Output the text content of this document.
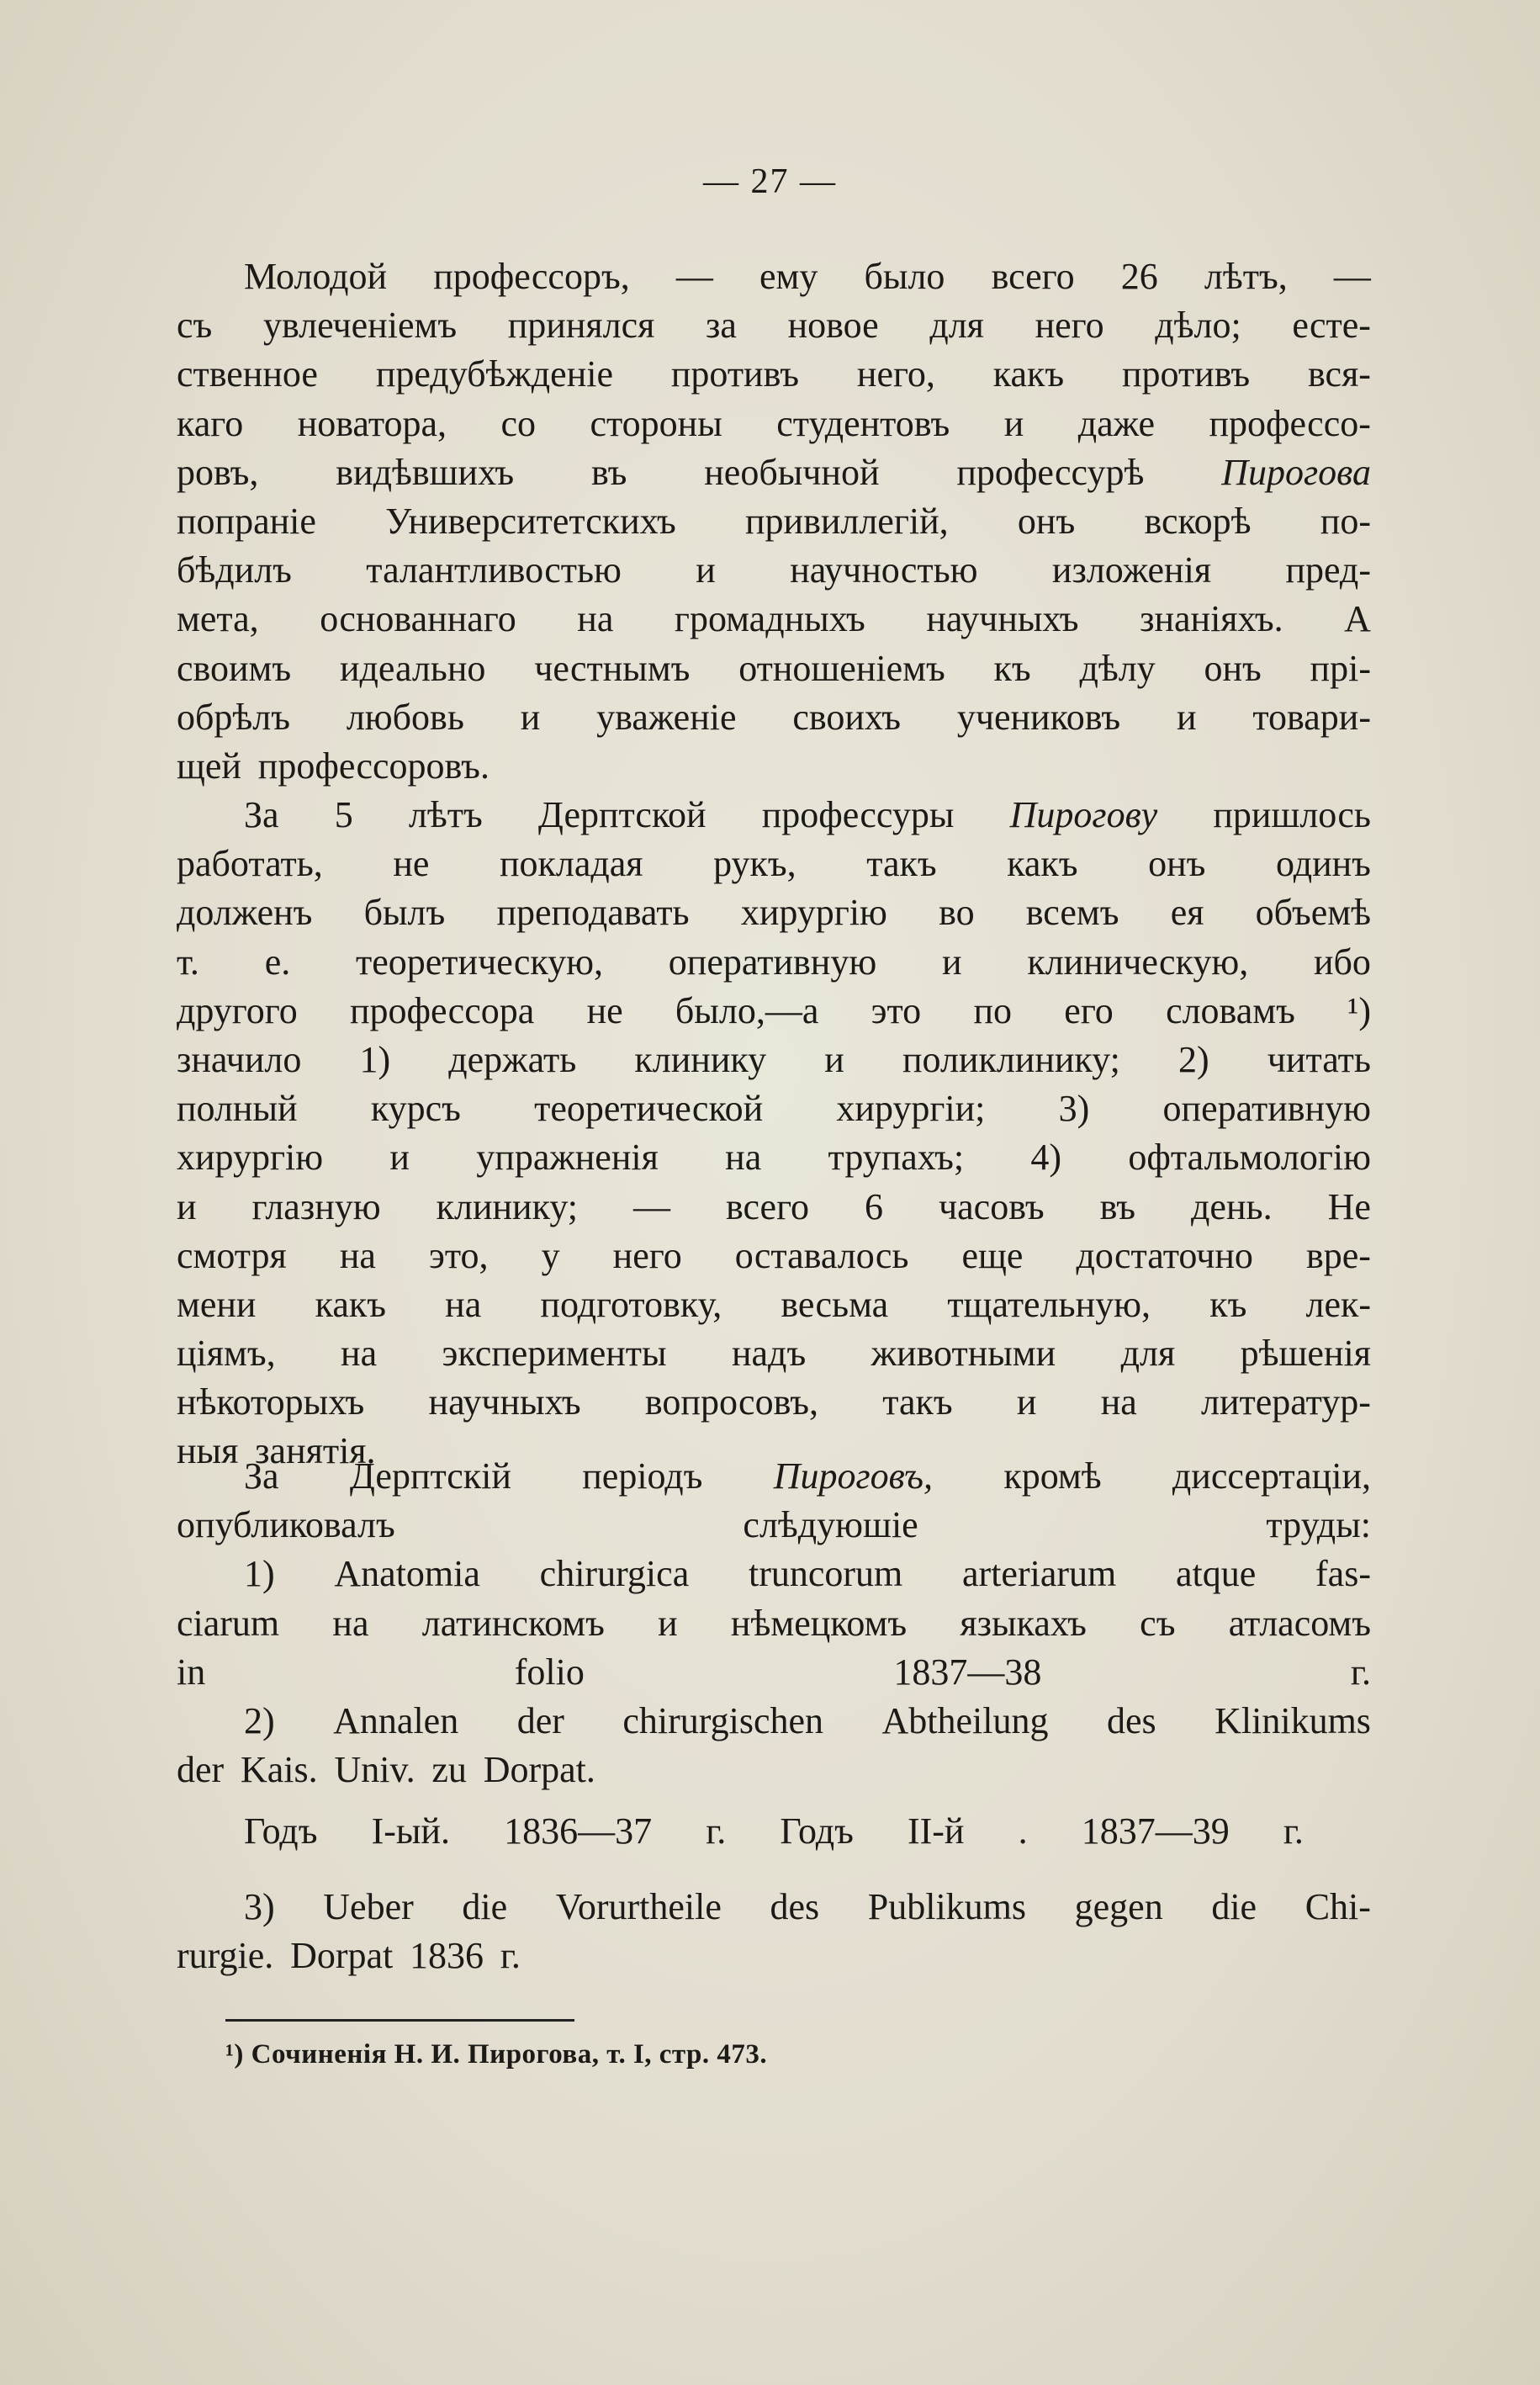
— 27 —
Молодой профессоръ, — ему было всего 26 лѣтъ, —
съ увлеченіемъ принялся за новое для него дѣло; есте-
ственное предубѣжденіе противъ него, какъ противъ вся-
каго новатора, со стороны студентовъ и даже профессо-
ровъ, видѣвшихъ въ необычной профессурѣ Пирогова
попраніе Университетскихъ привиллегій, онъ вскорѣ по-
бѣдилъ талантливостью и научностью изложенія пред-
мета, основаннаго на громадныхъ научныхъ знаніяхъ. А
своимъ идеально честнымъ отношеніемъ къ дѣлу онъ прі-
обрѣлъ любовь и уваженіе своихъ учениковъ и товари-
щей профессоровъ.
За 5 лѣтъ Дерптской профессуры Пирогову пришлось
работать, не покладая рукъ, такъ какъ онъ одинъ
долженъ былъ преподавать хирургію во всемъ ея объемѣ
т. е. теоретическую, оперативную и клиническую, ибо
другого профессора не было,—а это по его словамъ ¹)
значило 1) держать клинику и поликлинику; 2) читать
полный курсъ теоретической хирургіи; 3) оперативную
хирургію и упражненія на трупахъ; 4) офтальмологію
и глазную клинику; — всего 6 часовъ въ день. Не
смотря на это, у него оставалось еще достаточно вре-
мени какъ на подготовку, весьма тщательную, къ лек-
ціямъ, на эксперименты надъ животными для рѣшенія
нѣкоторыхъ научныхъ вопросовъ, такъ и на литератур-
ныя занятія.
За Дерптскій періодъ Пироговъ, кромѣ диссертаціи,
опубликовалъ	слѣдуюшіе	труды:
1) Anatomia chirurgica truncorum arteriarum atque fas-
ciarum на латинскомъ и нѣмецкомъ языкахъ съ атласомъ
in	folio	1837—38	г.
2) Annalen der chirurgischen Abtheilung des Klinikums
der Kais. Univ. zu Dorpat.
Годъ I-ый. 1836—37 г. Годъ II-й . 1837—39 г.
3) Ueber die Vorurtheile des Publikums gegen die Chi-
rurgie. Dorpat 1836 г.
¹) Сочиненія Н. И. Пирогова, т. I, стр. 473.
